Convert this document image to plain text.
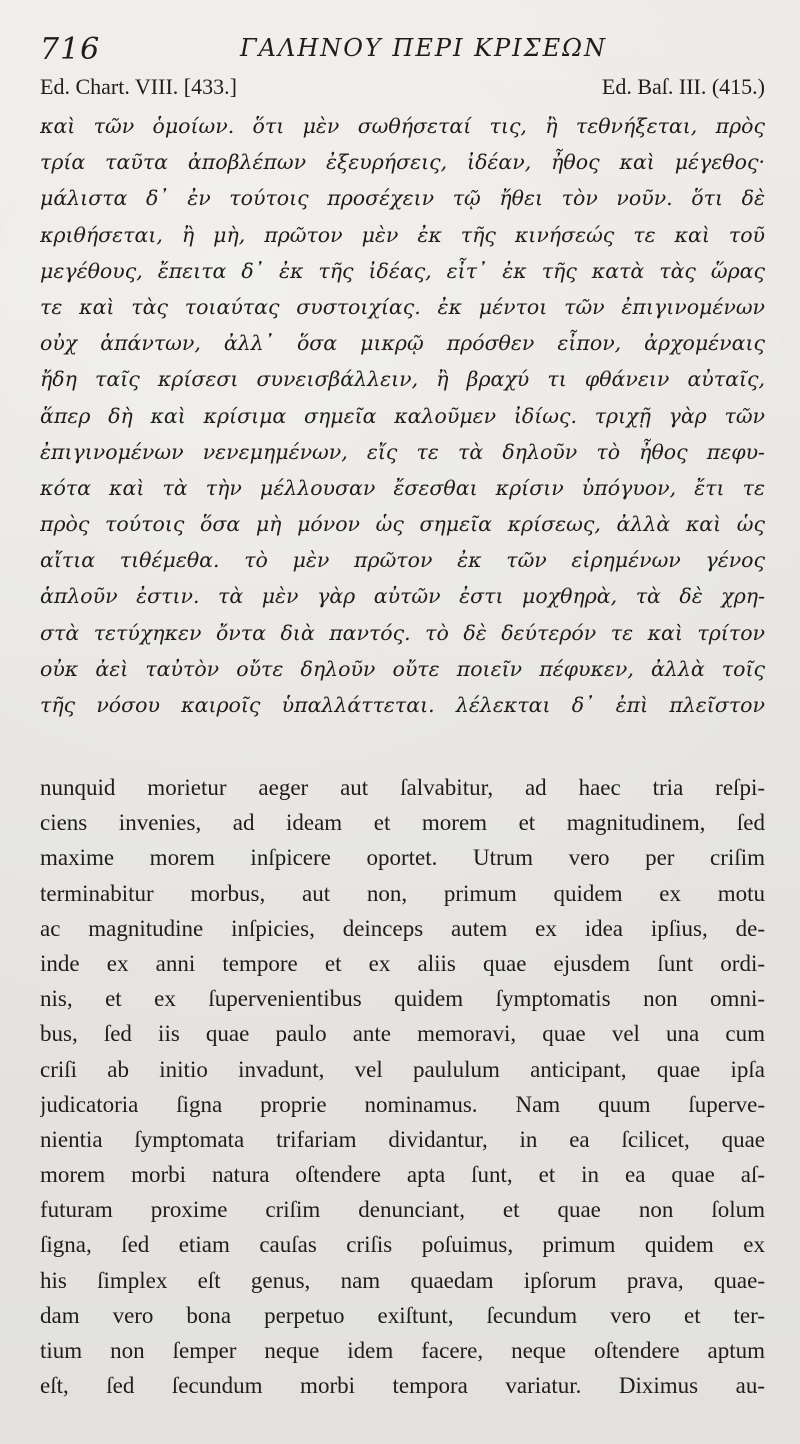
716	ΓΑΛΗΝΟΥ ΠΕΡΙ ΚΡΙΣΕΩΝ
Ed. Chart. VIII. [433.]	Ed. Baſ. III. (415.)
καὶ τῶν ὁμοίων. ὅτι μὲν σωθήσεταί τις, ἢ τεθνήξεται, πρὸς
τρία ταῦτα ἀποβλέπων ἐξευρήσεις, ἰδέαν, ἦθος καὶ μέγεθος·
μάλιστα δ᾽ ἐν τούτοις προσέχειν τῷ ἤθει τὸν νοῦν. ὅτι δὲ
κριθήσεται, ἢ μὴ, πρῶτον μὲν ἐκ τῆς κινήσεώς τε καὶ τοῦ
μεγέθους, ἔπειτα δ᾽ ἐκ τῆς ἰδέας, εἶτ᾽ ἐκ τῆς κατὰ τὰς ὥρας
τε καὶ τὰς τοιαύτας συστοιχίας. ἐκ μέντοι τῶν ἐπιγινομένων
οὐχ ἁπάντων, ἀλλ᾽ ὅσα μικρῷ πρόσθεν εἶπον, ἀρχομέναις
ἤδη ταῖς κρίσεσι συνεισβάλλειν, ἢ βραχύ τι φθάνειν αὐταῖς,
ἅπερ δὴ καὶ κρίσιμα σημεῖα καλοῦμεν ἰδίως. τριχῇ γὰρ τῶν
ἐπιγινομένων νενεμημένων, εἴς τε τὰ δηλοῦν τὸ ἦθος πεφυ-
κότα καὶ τὰ τὴν μέλλουσαν ἔσεσθαι κρίσιν ὑπόγυον, ἔτι τε
πρὸς τούτοις ὅσα μὴ μόνον ὡς σημεῖα κρίσεως, ἀλλὰ καὶ ὡς
αἴτια τιθέμεθα. τὸ μὲν πρῶτον ἐκ τῶν εἰρημένων γένος
ἁπλοῦν ἐστιν. τὰ μὲν γὰρ αὐτῶν ἐστι μοχθηρὰ, τὰ δὲ χρη-
στὰ τετύχηκεν ὄντα διὰ παντός. τὸ δὲ δεύτερόν τε καὶ τρίτον
οὐκ ἀεὶ ταὐτὸν οὔτε δηλοῦν οὔτε ποιεῖν πέφυκεν, ἀλλὰ τοῖς
τῆς νόσου καιροῖς ὑπαλλάττεται. λέλεκται δ᾽ ἐπὶ πλεῖστον
nunquid morietur aeger aut ſalvabitur, ad haec tria reſpi-
ciens invenies, ad ideam et morem et magnitudinem, ſed
maxime morem inſpicere oportet. Utrum vero per criſim
terminabitur morbus, aut non, primum quidem ex motu
ac magnitudine inſpicies, deinceps autem ex idea ipſius, de-
inde ex anni tempore et ex aliis quae ejusdem ſunt ordi-
nis, et ex ſupervenientibus quidem ſymptomatis non omni-
bus, ſed iis quae paulo ante memoravi, quae vel una cum
criſi ab initio invadunt, vel paululum anticipant, quae ipſa
judicatoria ſigna proprie nominamus. Nam quum ſuperve-
nientia ſymptomata trifariam dividantur, in ea ſcilicet, quae
morem morbi natura oſtendere apta ſunt, et in ea quae aſ-
futuram proxime criſim denunciant, et quae non ſolum
ſigna, ſed etiam cauſas criſis poſuimus, primum quidem ex
his ſimplex eſt genus, nam quaedam ipſorum prava, quae-
dam vero bona perpetuo exiſtunt, ſecundum vero et ter-
tium non ſemper neque idem facere, neque oſtendere aptum
eſt, ſed ſecundum morbi tempora variatur. Diximus au-
